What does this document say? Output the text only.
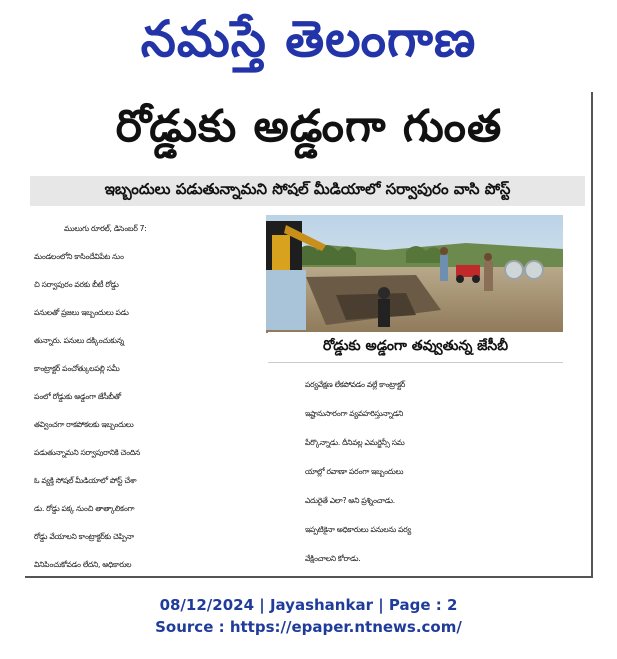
నమస్తే తెలంగాణ
రోడ్డుకు అడ్డంగా గుంత
ఇబ్బందులు పడుతున్నామని సోషల్ మీడియాలో సర్వాపురం వాసి పోస్ట్

ములుగు రూరల్, డిసెంబర్ 7:

మండలంలోని కాసిందేవిపేట నుం

చి సర్వాపురం వరకు బీటీ రోడ్డు

పనులతో ప్రజలు ఇబ్బందులు పడు

తున్నారు. పనులు దక్కించుకున్న

కాంట్రాక్టర్ పంచోత్కులపల్లి సమీ

పంలో రోడ్డుకు అడ్డంగా జేసీబీతో

తవ్వించగా రాకపోకలకు ఇబ్బందులు

పడుతున్నామని సర్వాపురానికి చెందిన

ఓ వ్యక్తి సోషల్ మీడియాలో పోస్ట్ చేశా

డు. రోడ్డు పక్క నుంచి తాత్కాలికంగా

రోడ్డు వేయాలని కాంట్రాక్టర్‌కు చెప్పినా

వినిపించుకోవడం లేదని, అధికారుల

రోడ్డుకు అడ్డంగా తవ్వుతున్న జేసీబీ

పర్యవేక్షణ లేకపోవడం వల్లే కాంట్రాక్టర్

ఇష్టానుసారంగా వ్యవహరిస్తున్నాడని

పేర్కొన్నాడు. దీనివల్ల ఎమర్జెన్సీ సమ

యాల్లో రవాణా పరంగా ఇబ్బందులు

ఎదురైతే ఎలా? అని ప్రశ్నించాడు.

ఇప్పటికైనా అధికారులు పనులను పర్య

వేక్షించాలని కోరాడు.

08/12/2024 | Jayashankar | Page : 2
Source : https://epaper.ntnews.com/
